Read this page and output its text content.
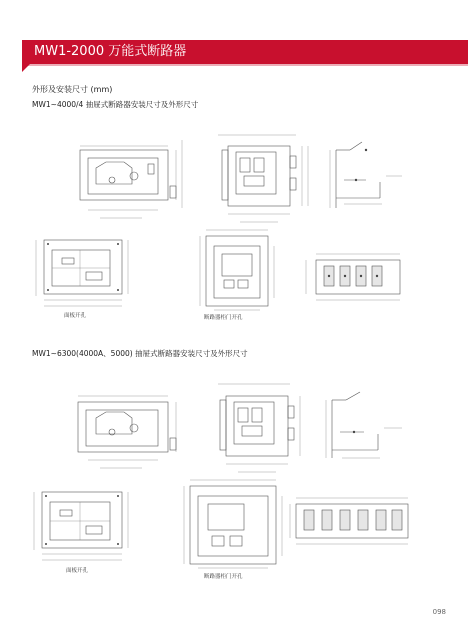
MW1-2000 万能式断路器
外形及安装尺寸 (mm)
MW1~4000/4 抽屉式断路器安装尺寸及外形尺寸
MW1~6300(4000A、5000) 抽屉式断路器安装尺寸及外形尺寸
面板开孔	断路器柜门开孔
面板开孔
断路器柜门开孔
098
